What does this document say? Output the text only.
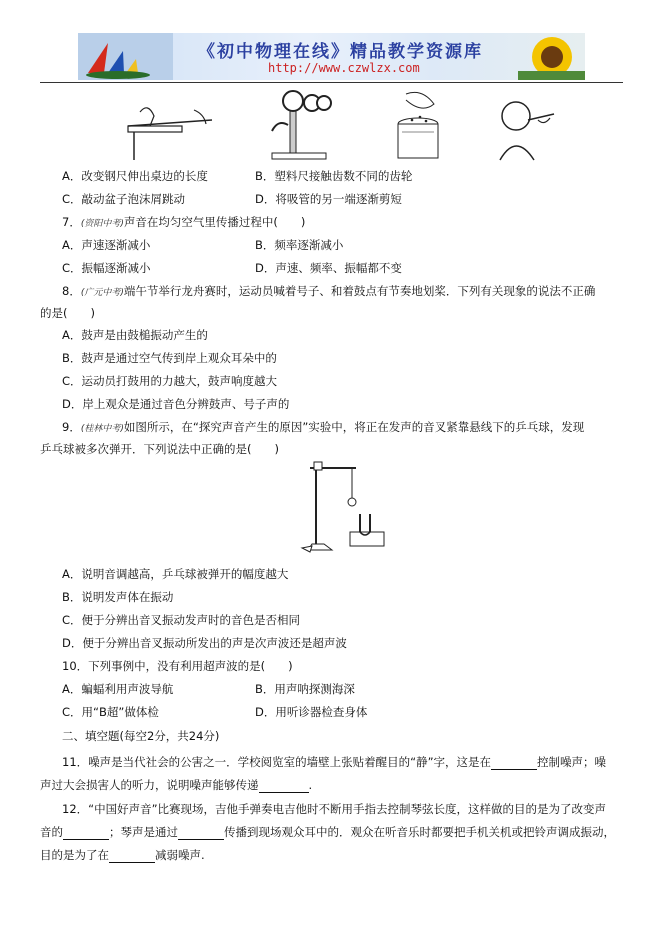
《初中物理在线》精品教学资源库
http://www.czwlzx.com
A．改变钢尺伸出桌边的长度	B．塑料尺接触齿数不同的齿轮
C．敲动盆子泡沫屑跳动	D．将吸管的另一端逐渐剪短
7．(资阳中考)声音在均匀空气里传播过程中(　　)
A．声速逐渐减小	B．频率逐渐减小
C．振幅逐渐减小	D．声速、频率、振幅都不变
8．(广元中考)端午节举行龙舟赛时，运动员喊着号子、和着鼓点有节奏地划桨．下列有关现象的说法不正确
的是(　　)
A．鼓声是由鼓槌振动产生的
B．鼓声是通过空气传到岸上观众耳朵中的
C．运动员打鼓用的力越大，鼓声响度越大
D．岸上观众是通过音色分辨鼓声、号子声的
9．(桂林中考)如图所示，在“探究声音产生的原因”实验中，将正在发声的音叉紧靠悬线下的乒乓球，发现
乒乓球被多次弹开．下列说法中正确的是(　　)
A．说明音调越高，乒乓球被弹开的幅度越大
B．说明发声体在振动
C．便于分辨出音叉振动发声时的音色是否相同
D．便于分辨出音叉振动所发出的声是次声波还是超声波
10．下列事例中，没有利用超声波的是(　　)
A．蝙蝠利用声波导航	B．用声呐探测海深
C．用“B超”做体检	D．用听诊器检查身体
二、填空题(每空2分，共24分)
11．噪声是当代社会的公害之一．学校阅览室的墙壁上张贴着醒目的“静”字，这是在	控制噪声；噪
声过大会损害人的听力，说明噪声能够传递	.
12．“中国好声音”比赛现场，吉他手弹奏电吉他时不断用手指去控制琴弦长度，这样做的目的是为了改变声
音的	；琴声是通过	传播到现场观众耳中的．观众在听音乐时都要把手机关机或把铃声调成振动，
目的是为了在	减弱噪声.
